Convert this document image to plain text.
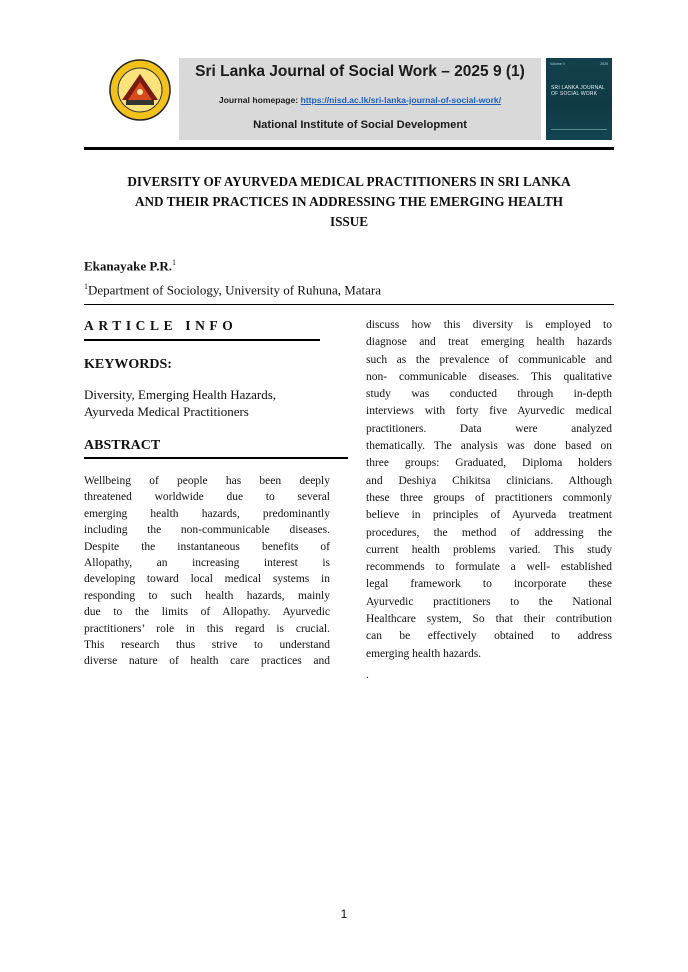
Sri Lanka Journal of Social Work – 2025 9 (1)
Journal homepage: https://nisd.ac.lk/sri-lanka-journal-of-social-work/
National Institute of Social Development
Volume 9	2025
SRI LANKA JOURNAL OF SOCIAL WORK
DIVERSITY OF AYURVEDA MEDICAL PRACTITIONERS IN SRI LANKA
AND THEIR PRACTICES IN ADDRESSING THE EMERGING HEALTH
ISSUE
Ekanayake P.R.$^1$
$^1$Department of Sociology, University of Ruhuna, Matara
ARTICLE INFO
KEYWORDS:
Diversity, Emerging Health Hazards,
Ayurveda Medical Practitioners
ABSTRACT
Wellbeing of people has been deeply
threatened worldwide due to several
emerging health hazards, predominantly
including the non-communicable diseases.
Despite the instantaneous benefits of
Allopathy, an increasing interest is
developing toward local medical systems in
responding to such health hazards, mainly
due to the limits of Allopathy. Ayurvedic
practitioners’ role in this regard is crucial.
This research thus strive to understand
diverse nature of health care practices and
discuss how this diversity is employed to
diagnose and treat emerging health hazards
such as the prevalence of communicable and
non- communicable diseases. This qualitative
study was conducted through in-depth
interviews with forty five Ayurvedic medical
practitioners. Data were analyzed
thematically. The analysis was done based on
three groups: Graduated, Diploma holders
and Deshiya Chikitsa clinicians. Although
these three groups of practitioners commonly
believe in principles of Ayurveda treatment
procedures, the method of addressing the
current health problems varied. This study
recommends to formulate a well- established
legal framework to incorporate these
Ayurvedic practitioners to the National
Healthcare system, So that their contribution
can be effectively obtained to address
emerging health hazards.
.
1
